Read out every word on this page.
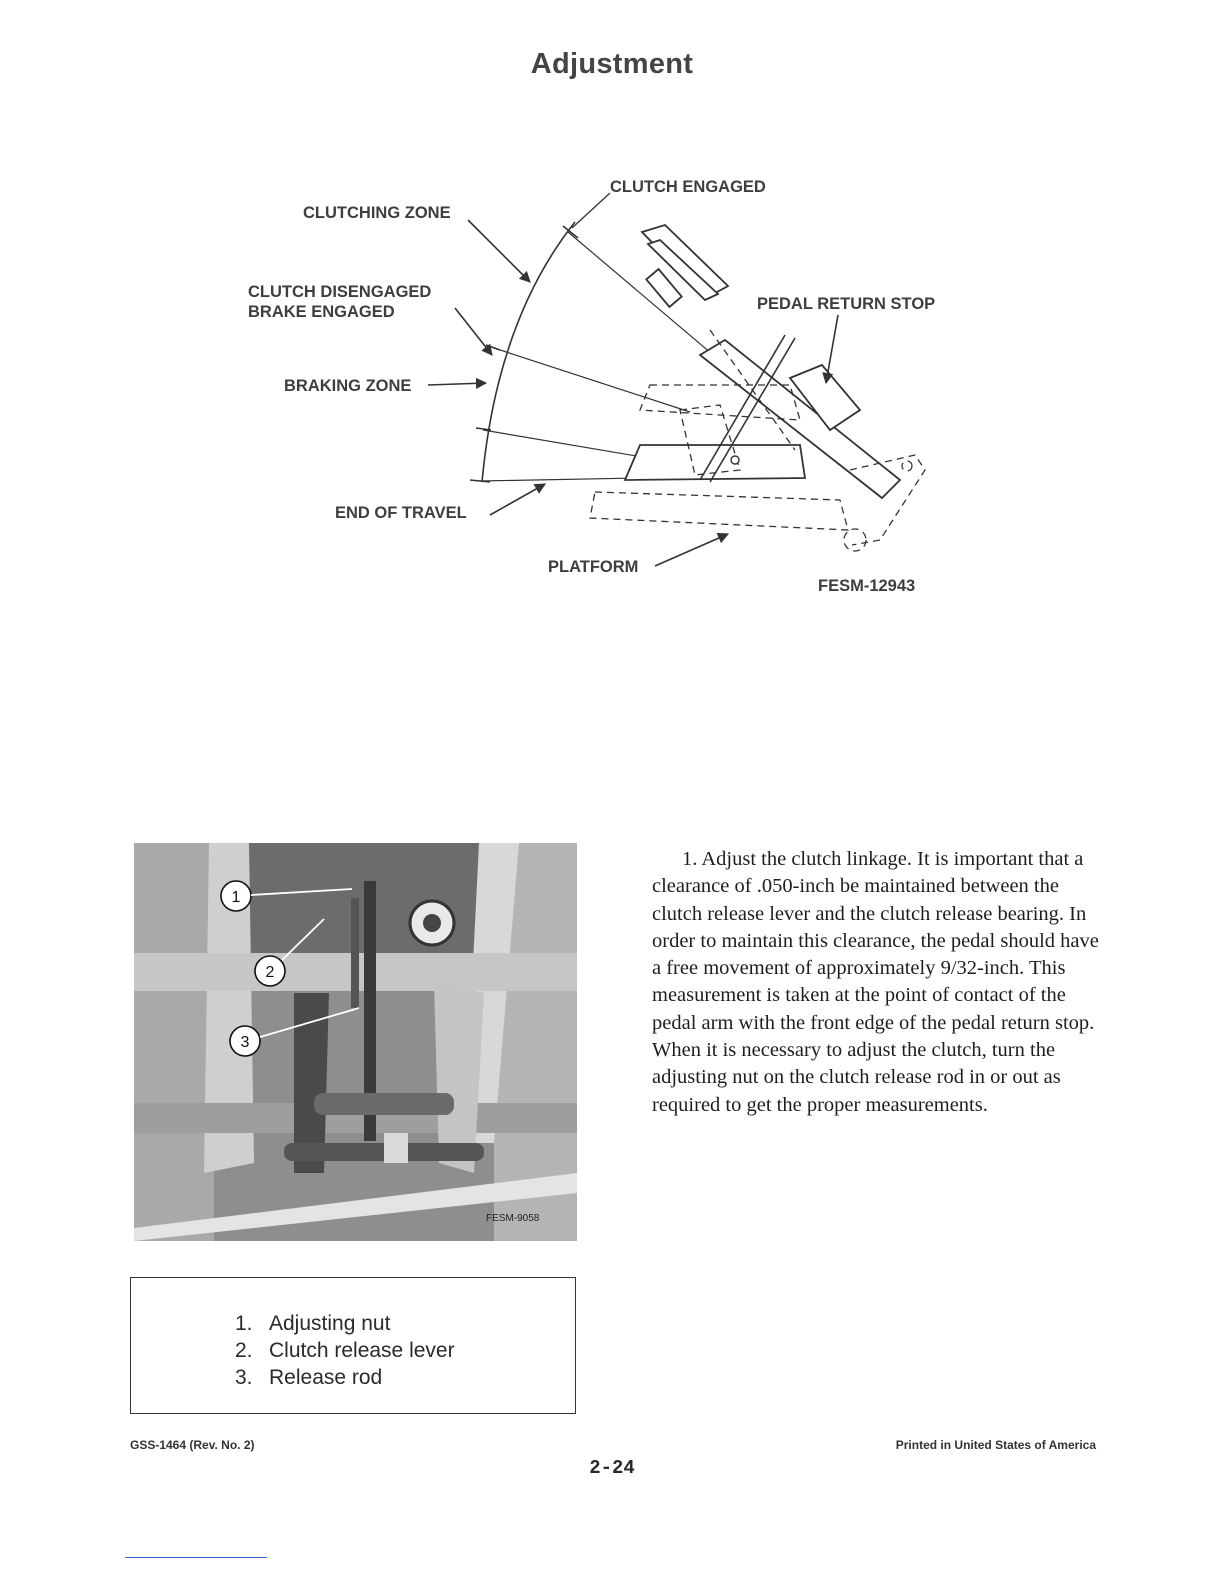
Adjustment
CLUTCH ENGAGED
CLUTCHING ZONE
CLUTCH DISENGAGED
BRAKE ENGAGED	PEDAL RETURN STOP
BRAKING ZONE
END OF TRAVEL
PLATFORM
FESM-12943
1
2
3
FESM-9058
1. Adjusting nut
2. Clutch release lever
3. Release rod

1. Adjust the clutch linkage. It is important that a clearance of .050-inch be maintained between the clutch release lever and the clutch release bearing. In order to maintain this clearance, the pedal should have a free movement of approximately 9/32-inch. This measurement is taken at the point of contact of the pedal arm with the front edge of the pedal return stop. When it is necessary to adjust the clutch, turn the adjusting nut on the clutch release rod in or out as required to get the proper measurements.

GSS-1464 (Rev. No. 2)	Printed in United States of America
2-24
